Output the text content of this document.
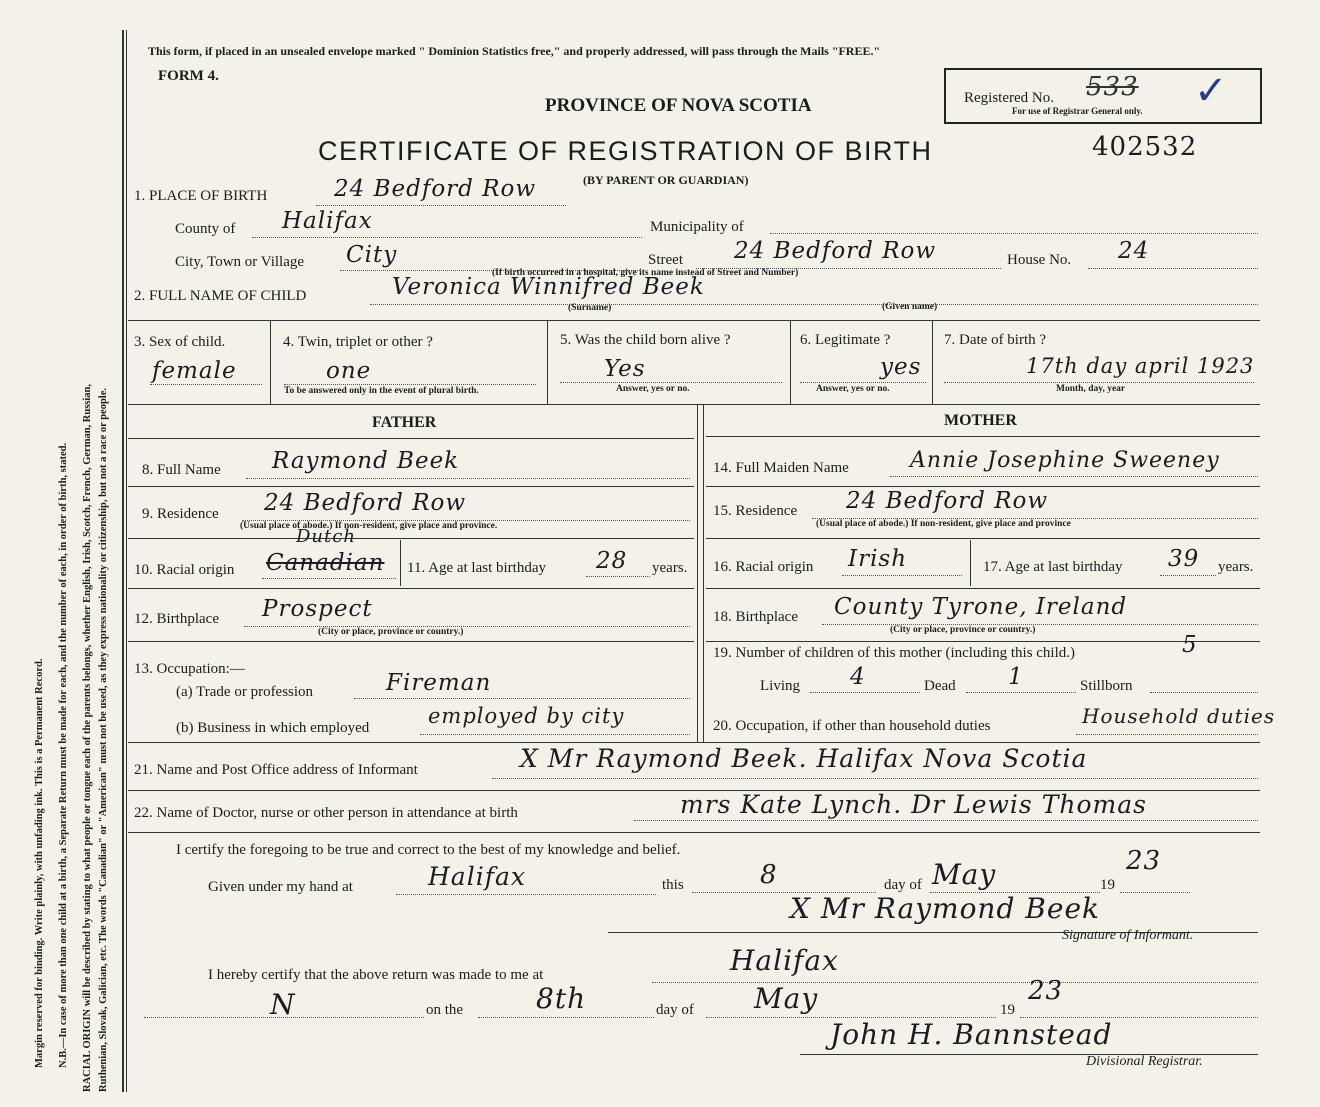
Margin reserved for binding. Write plainly, with unfading ink. This is a Permanent Record. N.B.—In case of more than one child at a birth, a Separate Return must be made for each, and the number of each, in order of birth, stated. RACIAL ORIGIN will be described by stating to what people or tongue each of the parents belongs, whether English, Irish, Scotch, French, German, Russian, Ruthenian, Slovak, Galician, etc. The words "Canadian" or "American" must not be used, as they express nationality or citizenship, but not a race or people.
This form, if placed in an unsealed envelope marked " Dominion Statistics free," and properly addressed, will pass through the Mails "FREE."
FORM 4.
PROVINCE OF NOVA SCOTIA	Registered No. 533 ✓
For use of Registrar General only.
CERTIFICATE OF REGISTRATION OF BIRTH	402532
(BY PARENT OR GUARDIAN)
1. PLACE OF BIRTH	24 Bedford Row
County of Halifax	Municipality of
City, Town or Village City	Street 24 Bedford Row	House No. 24
(If birth occurred in a hospital, give its name instead of Street and Number)
2. FULL NAME OF CHILD	Veronica Winnifred Beek
(Surname)	(Given name)
3. Sex of child.
female
4. Twin, triplet or other ?
one
To be answered only in the event of plural birth.
5. Was the child born alive ?
Yes
Answer, yes or no.
6. Legitimate ?
yes
Answer, yes or no.
7. Date of birth ?
17th day april 1923
Month, day, year
FATHER	MOTHER
8. Full Name Raymond Beek
9. Residence 24 Bedford Row
(Usual place of abode.) If non-resident, give place and province.
10. Racial origin Canadian
Dutch
11. Age at last birthday 28 years.
12. Birthplace Prospect
(City or place, province or country.)
13. Occupation:—
(a) Trade or profession	Fireman
(b) Business in which employed	employed by city
14. Full Maiden Name	Annie Josephine Sweeney
15. Residence 24 Bedford Row
(Usual place of abode.) If non-resident, give place and province
16. Racial origin Irish	17. Age at last birthday 39 years.
18. Birthplace County Tyrone, Ireland
(City or place, province or country.)
19. Number of children of this mother (including this child.)	5
Living 4	Dead 1	Stillborn
20. Occupation, if other than household duties	Household duties
21. Name and Post Office address of Informant	X Mr Raymond Beek. Halifax Nova Scotia
22. Name of Doctor, nurse or other person in attendance at birth	mrs Kate Lynch. Dr Lewis Thomas
I certify the foregoing to be true and correct to the best of my knowledge and belief.
Given under my hand at	Halifax	this	8	day of May	19
23
X Mr Raymond Beek
Signature of Informant.
I hereby certify that the above return was made to me at	Halifax
N	on the	8th	day of May	19
23
John H. Bannstead
Divisional Registrar.
